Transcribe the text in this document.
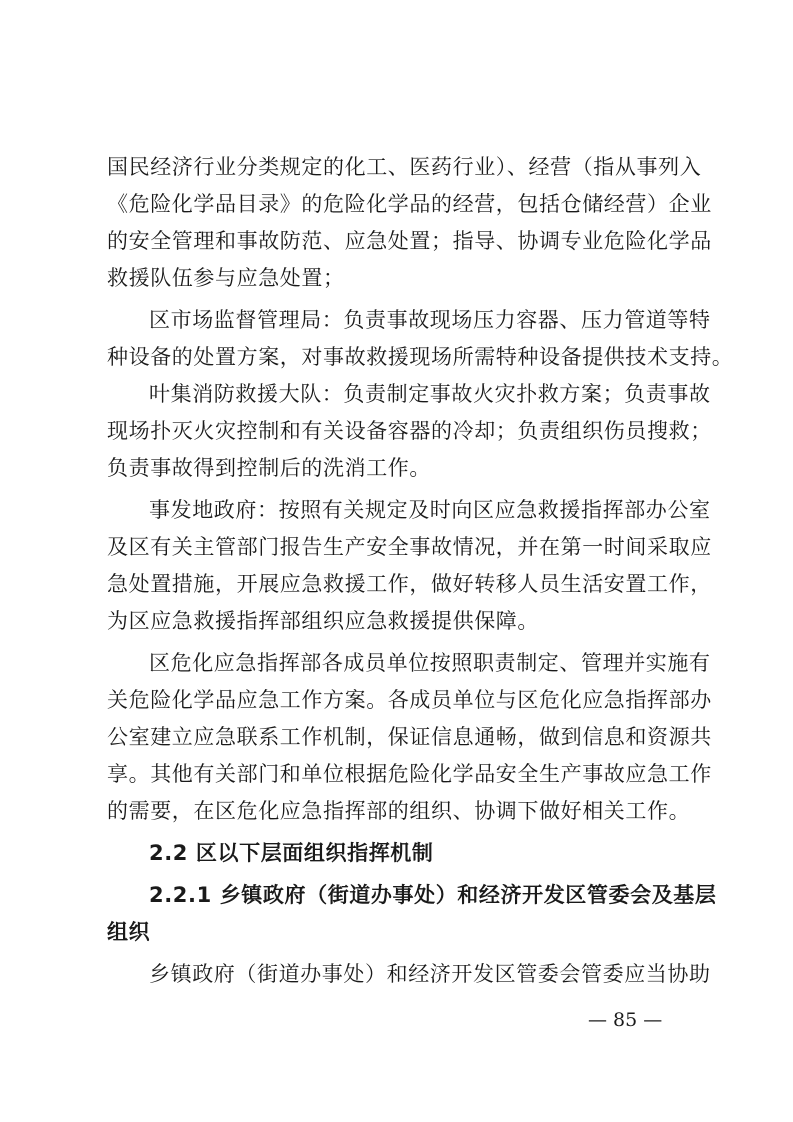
国民经济行业分类规定的化工、医药行业）、经营（指从事列入
《危险化学品目录》的危险化学品的经营，包括仓储经营）企业
的安全管理和事故防范、应急处置；指导、协调专业危险化学品
救援队伍参与应急处置；
区市场监督管理局：负责事故现场压力容器、压力管道等特
种设备的处置方案，对事故救援现场所需特种设备提供技术支持。
叶集消防救援大队：负责制定事故火灾扑救方案；负责事故
现场扑灭火灾控制和有关设备容器的冷却；负责组织伤员搜救；
负责事故得到控制后的洗消工作。
事发地政府：按照有关规定及时向区应急救援指挥部办公室
及区有关主管部门报告生产安全事故情况，并在第一时间采取应
急处置措施，开展应急救援工作，做好转移人员生活安置工作，
为区应急救援指挥部组织应急救援提供保障。
区危化应急指挥部各成员单位按照职责制定、管理并实施有
关危险化学品应急工作方案。各成员单位与区危化应急指挥部办
公室建立应急联系工作机制，保证信息通畅，做到信息和资源共
享。其他有关部门和单位根据危险化学品安全生产事故应急工作
的需要，在区危化应急指挥部的组织、协调下做好相关工作。
2.2 区以下层面组织指挥机制
2.2.1 乡镇政府（街道办事处）和经济开发区管委会及基层
组织
乡镇政府（街道办事处）和经济开发区管委会管委应当协助
— 85 —
